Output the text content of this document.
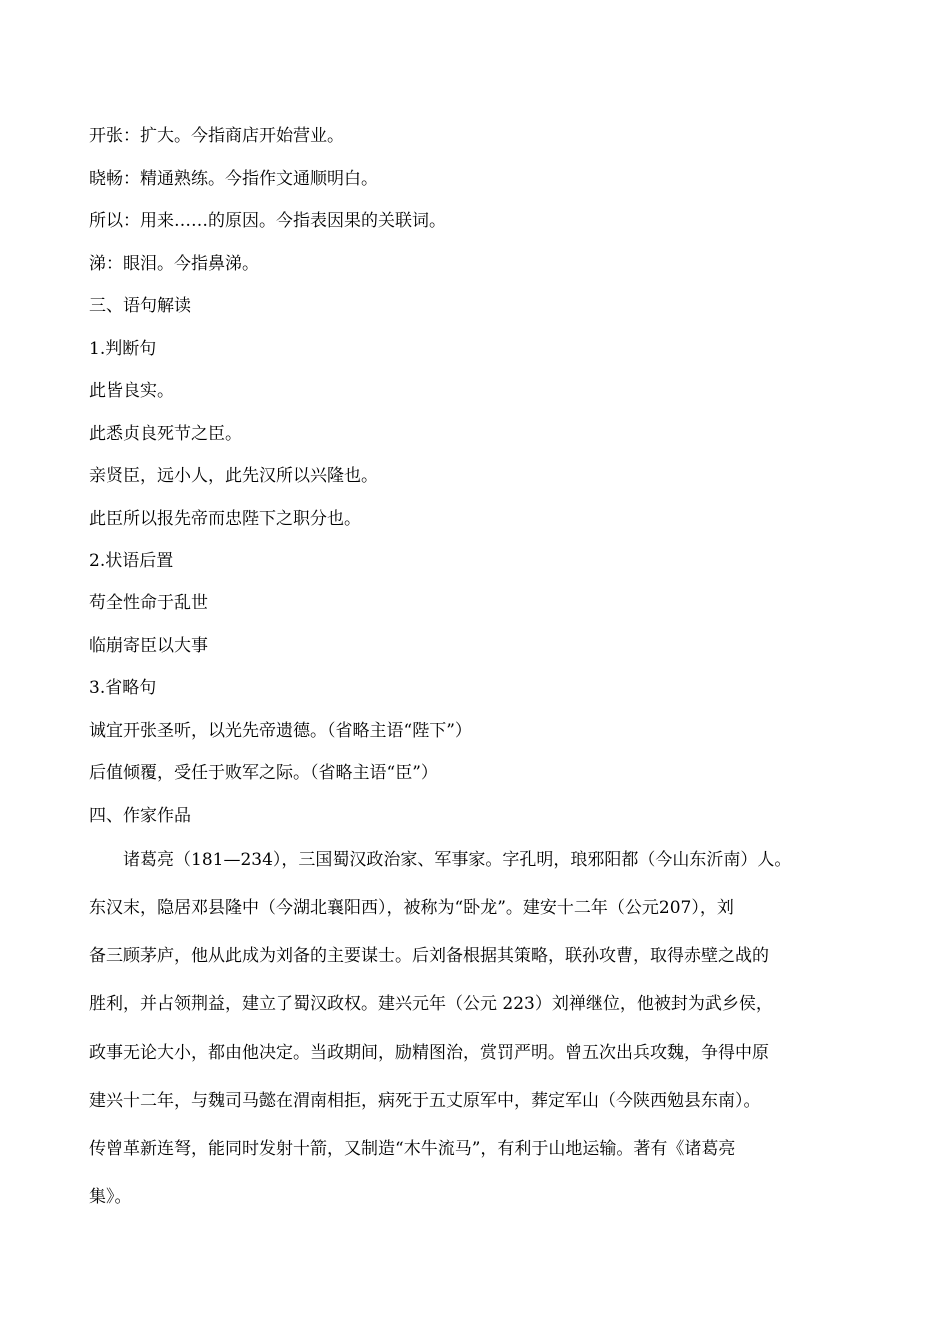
开张：扩大。今指商店开始营业。
晓畅：精通熟练。今指作文通顺明白。
所以：用来……的原因。今指表因果的关联词。
涕：眼泪。今指鼻涕。
三、语句解读
1.判断句
此皆良实。
此悉贞良死节之臣。
亲贤臣，远小人，此先汉所以兴隆也。
此臣所以报先帝而忠陛下之职分也。
2.状语后置
苟全性命于乱世
临崩寄臣以大事
3.省略句
诚宜开张圣听，以光先帝遗德。（省略主语“陛下”）
后值倾覆，受任于败军之际。（省略主语“臣”）
四、作家作品
诸葛亮（181—234），三国蜀汉政治家、军事家。字孔明，琅邪阳都（今山东沂南）人。
东汉末，隐居邓县隆中（今湖北襄阳西），被称为“卧龙”。建安十二年（公元207），刘
备三顾茅庐，他从此成为刘备的主要谋士。后刘备根据其策略，联孙攻曹，取得赤壁之战的
胜利，并占领荆益，建立了蜀汉政权。建兴元年（公元 223）刘禅继位，他被封为武乡侯，
政事无论大小，都由他决定。当政期间，励精图治，赏罚严明。曾五次出兵攻魏，争得中原
建兴十二年，与魏司马懿在渭南相拒，病死于五丈原军中，葬定军山（今陕西勉县东南）。
传曾革新连弩，能同时发射十箭，又制造“木牛流马”，有利于山地运输。著有《诸葛亮
集》。
